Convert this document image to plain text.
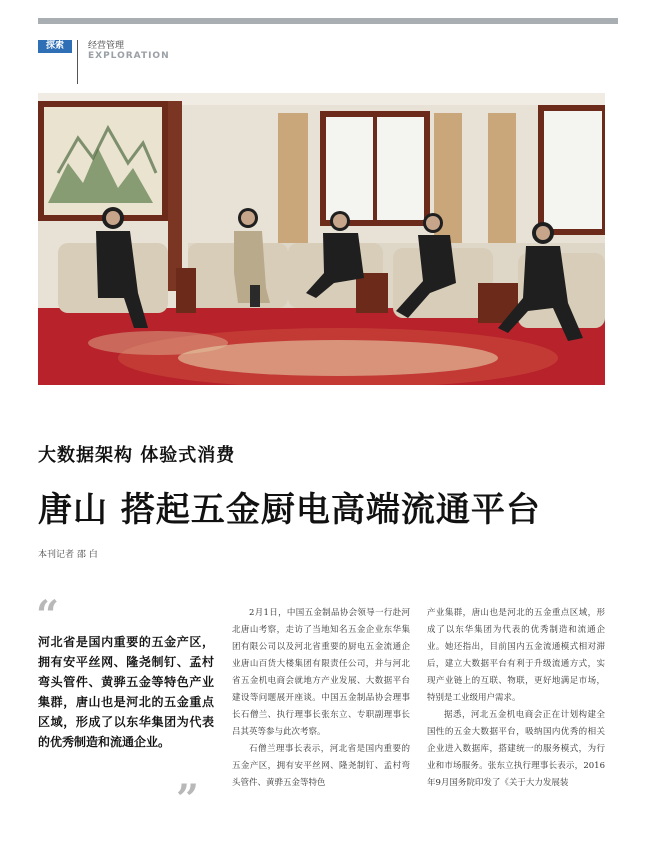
探索	经营管理
EXPLORATION
大数据架构 体验式消费
唐山 搭起五金厨电高端流通平台
本刊记者 邵 白
“
河北省是国内重要的五金产区，拥有安平丝网、隆尧制钉、孟村弯头管件、黄骅五金等特色产业集群，唐山也是河北的五金重点区域，形成了以东华集团为代表的优秀制造和流通企业。
”

2月1日，中国五金制品协会领导一行赴河北唐山考察，走访了当地知名五金企业东华集团有限公司以及河北省重要的厨电五金流通企业唐山百货大楼集团有限责任公司，并与河北省五金机电商会就地方产业发展、大数据平台建设等问题展开座谈。中国五金制品协会理事长石僧兰、执行理事长张东立、专职副理事长吕其英等参与此次考察。

石僧兰理事长表示，河北省是国内重要的五金产区，拥有安平丝网、隆尧制钉、孟村弯头管件、黄骅五金等特色

产业集群，唐山也是河北的五金重点区域，形成了以东华集团为代表的优秀制造和流通企业。她还指出，目前国内五金流通模式相对滞后，建立大数据平台有利于升级流通方式，实现产业链上的互联、物联，更好地满足市场，特别是工业级用户需求。

据悉，河北五金机电商会正在计划构建全国性的五金大数据平台，吸纳国内优秀的相关企业进入数据库，搭建统一的服务模式，为行业和市场服务。张东立执行理事长表示，2016年9月国务院印发了《关于大力发展装
